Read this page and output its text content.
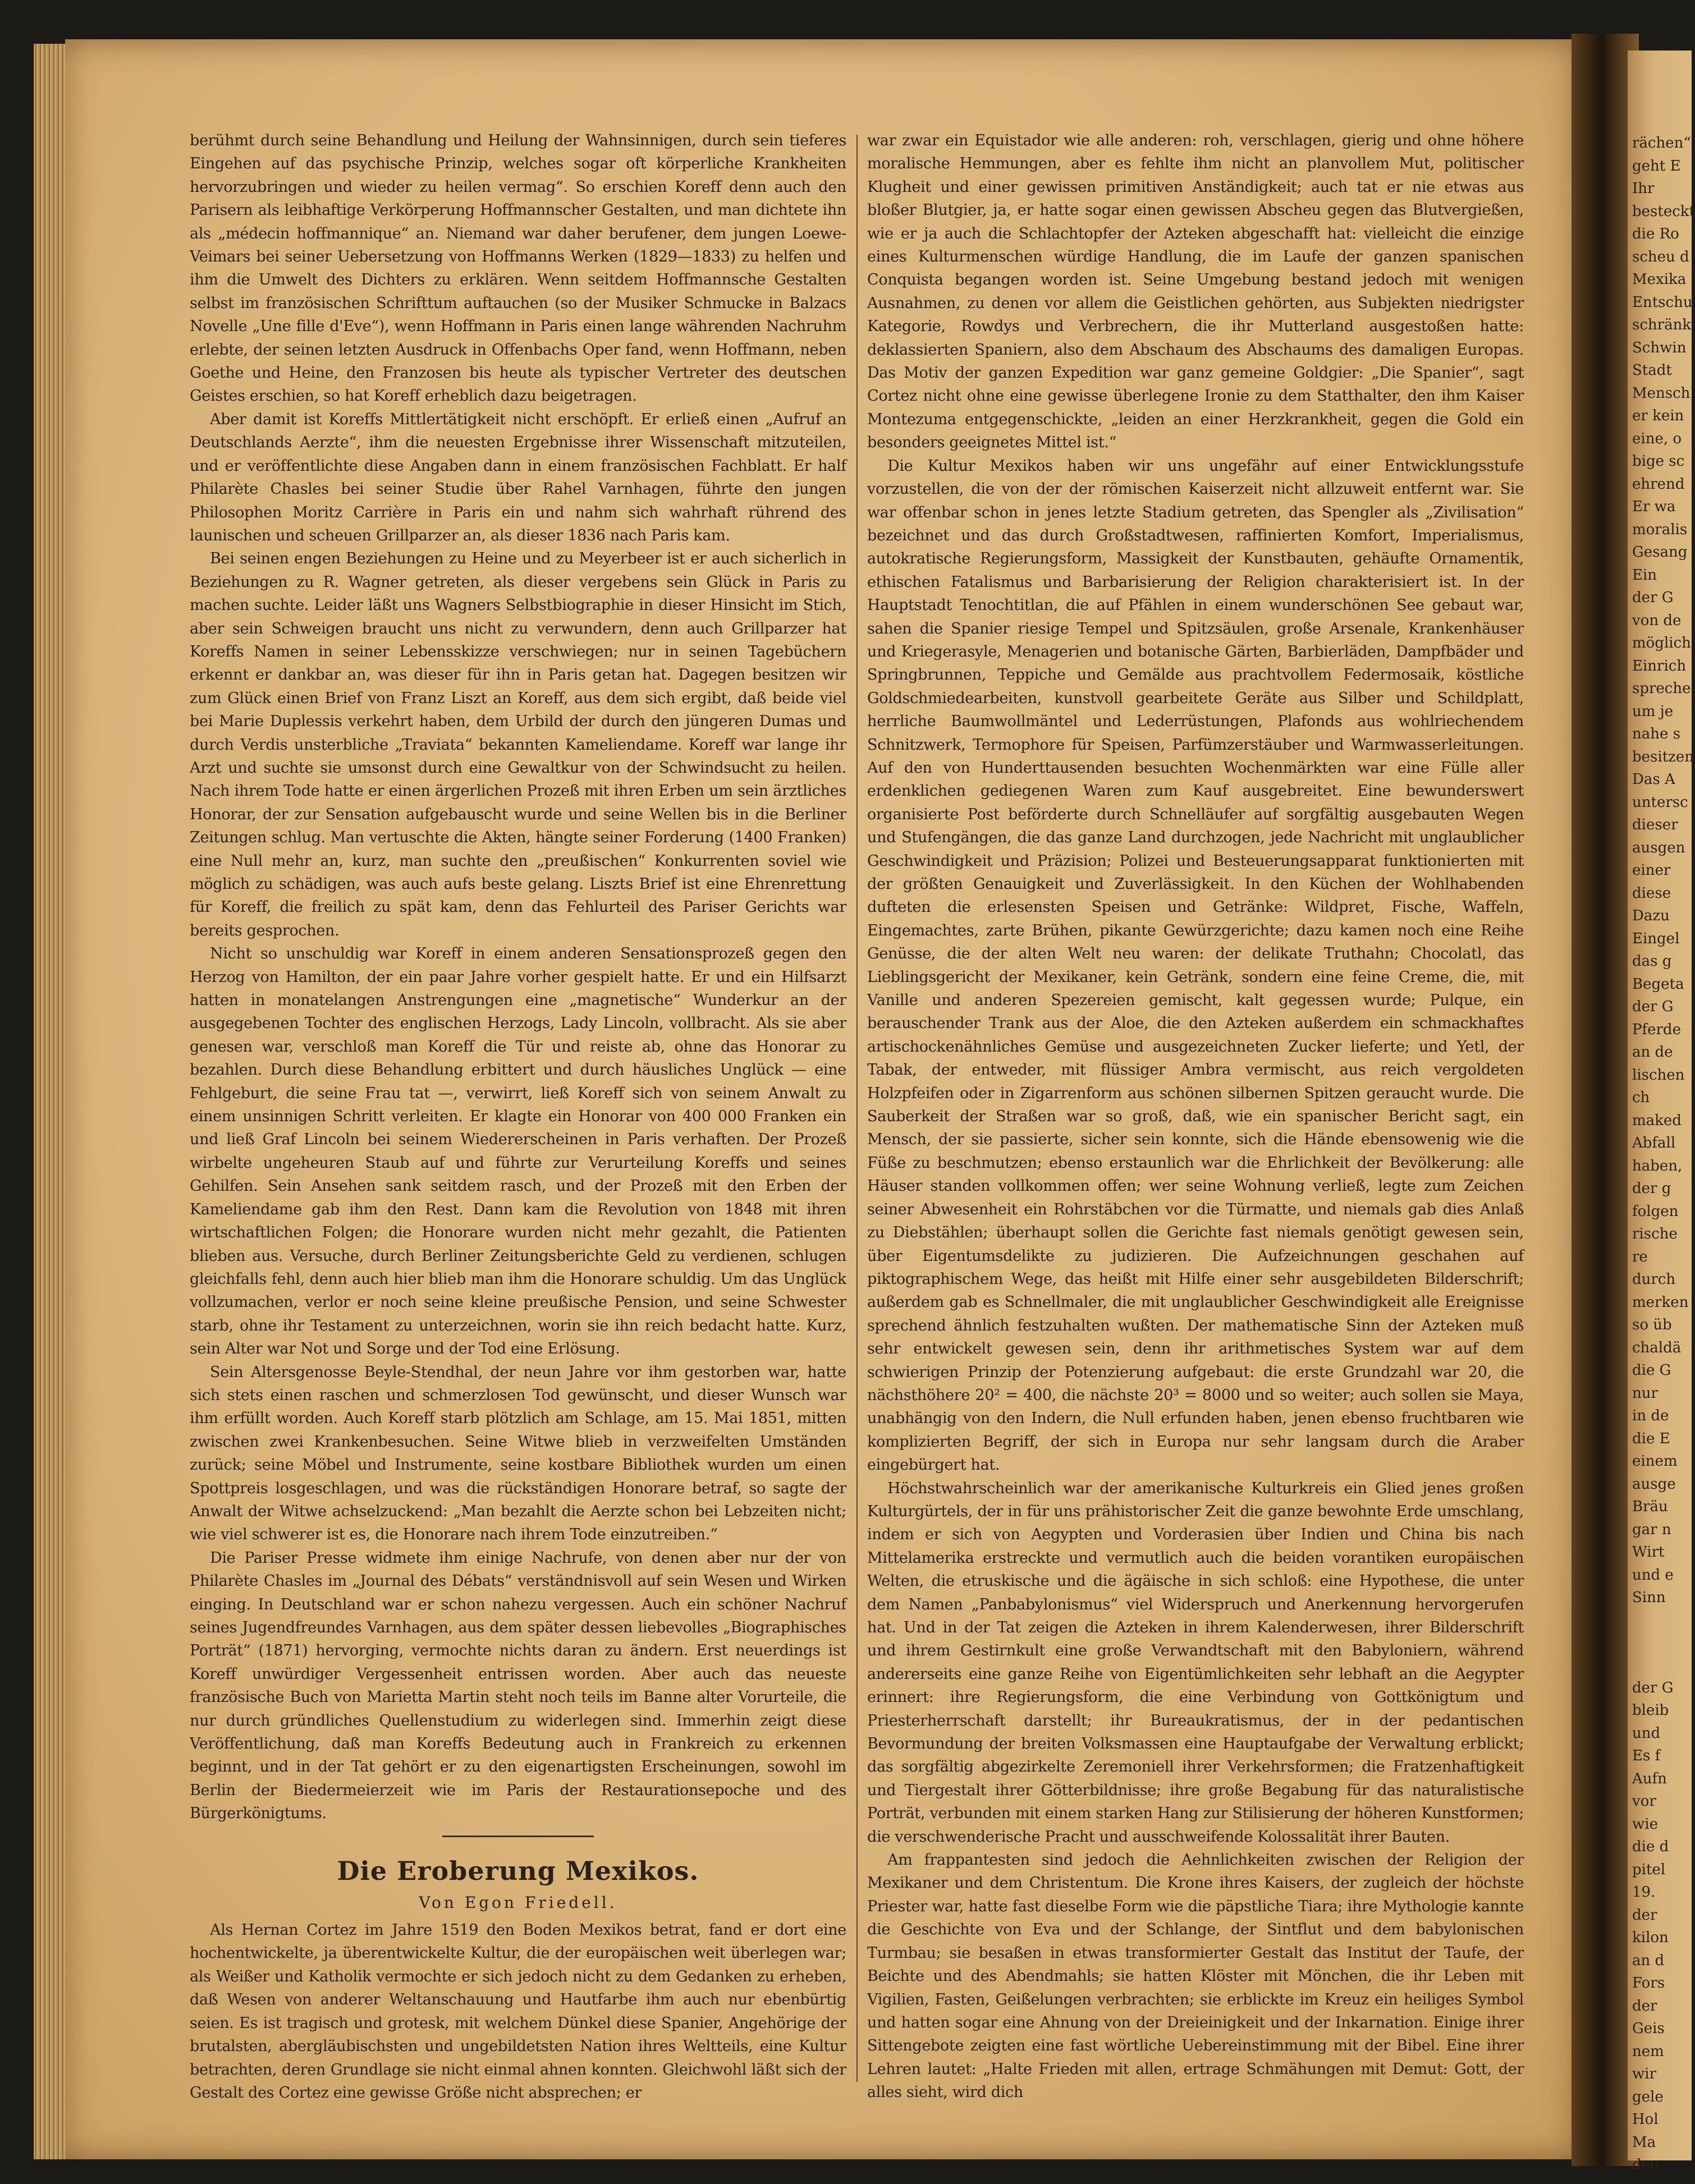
berühmt durch seine Behandlung und Heilung der Wahnsinnigen, durch sein tieferes Eingehen auf das psychische Prinzip, welches sogar oft körperliche Krankheiten hervorzubringen und wieder zu heilen vermag“. So erschien Koreff denn auch den Parisern als leibhaftige Verkörperung Hoffmannscher Gestalten, und man dichtete ihn als „médecin hoffmannique“ an. Niemand war daher berufener, dem jungen Loewe-Veimars bei seiner Uebersetzung von Hoffmanns Werken (1829—1833) zu helfen und ihm die Umwelt des Dichters zu erklären. Wenn seitdem Hoffmannsche Gestalten selbst im französischen Schrifttum auftauchen (so der Musiker Schmucke in Balzacs Novelle „Une fille d'Eve“), wenn Hoffmann in Paris einen lange währenden Nachruhm erlebte, der seinen letzten Ausdruck in Offenbachs Oper fand, wenn Hoffmann, neben Goethe und Heine, den Franzosen bis heute als typischer Vertreter des deutschen Geistes erschien, so hat Koreff erheblich dazu beigetragen.

Aber damit ist Koreffs Mittlertätigkeit nicht erschöpft. Er erließ einen „Aufruf an Deutschlands Aerzte“, ihm die neuesten Ergebnisse ihrer Wissenschaft mitzuteilen, und er veröffentlichte diese Angaben dann in einem französischen Fachblatt. Er half Philarète Chasles bei seiner Studie über Rahel Varnhagen, führte den jungen Philosophen Moritz Carrière in Paris ein und nahm sich wahrhaft rührend des launischen und scheuen Grillparzer an, als dieser 1836 nach Paris kam.

Bei seinen engen Beziehungen zu Heine und zu Meyerbeer ist er auch sicherlich in Beziehungen zu R. Wagner getreten, als dieser vergebens sein Glück in Paris zu machen suchte. Leider läßt uns Wagners Selbstbiographie in dieser Hinsicht im Stich, aber sein Schweigen braucht uns nicht zu verwundern, denn auch Grillparzer hat Koreffs Namen in seiner Lebensskizze verschwiegen; nur in seinen Tagebüchern erkennt er dankbar an, was dieser für ihn in Paris getan hat. Dagegen besitzen wir zum Glück einen Brief von Franz Liszt an Koreff, aus dem sich ergibt, daß beide viel bei Marie Duplessis verkehrt haben, dem Urbild der durch den jüngeren Dumas und durch Verdis unsterbliche „Traviata“ bekannten Kameliendame. Koreff war lange ihr Arzt und suchte sie umsonst durch eine Gewaltkur von der Schwindsucht zu heilen. Nach ihrem Tode hatte er einen ärgerlichen Prozeß mit ihren Erben um sein ärztliches Honorar, der zur Sensation aufgebauscht wurde und seine Wellen bis in die Berliner Zeitungen schlug. Man vertuschte die Akten, hängte seiner Forderung (1400 Franken) eine Null mehr an, kurz, man suchte den „preußischen“ Konkurrenten soviel wie möglich zu schädigen, was auch aufs beste gelang. Liszts Brief ist eine Ehrenrettung für Koreff, die freilich zu spät kam, denn das Fehlurteil des Pariser Gerichts war bereits gesprochen.

Nicht so unschuldig war Koreff in einem anderen Sensationsprozeß gegen den Herzog von Hamilton, der ein paar Jahre vorher gespielt hatte. Er und ein Hilfsarzt hatten in monatelangen Anstrengungen eine „magnetische“ Wunderkur an der ausgegebenen Tochter des englischen Herzogs, Lady Lincoln, vollbracht. Als sie aber genesen war, verschloß man Koreff die Tür und reiste ab, ohne das Honorar zu bezahlen. Durch diese Behandlung erbittert und durch häusliches Unglück — eine Fehlgeburt, die seine Frau tat —, verwirrt, ließ Koreff sich von seinem Anwalt zu einem unsinnigen Schritt verleiten. Er klagte ein Honorar von 400 000 Franken ein und ließ Graf Lincoln bei seinem Wiedererscheinen in Paris verhaften. Der Prozeß wirbelte ungeheuren Staub auf und führte zur Verurteilung Koreffs und seines Gehilfen. Sein Ansehen sank seitdem rasch, und der Prozeß mit den Erben der Kameliendame gab ihm den Rest. Dann kam die Revolution von 1848 mit ihren wirtschaftlichen Folgen; die Honorare wurden nicht mehr gezahlt, die Patienten blieben aus. Versuche, durch Berliner Zeitungsberichte Geld zu verdienen, schlugen gleichfalls fehl, denn auch hier blieb man ihm die Honorare schuldig. Um das Unglück vollzumachen, verlor er noch seine kleine preußische Pension, und seine Schwester starb, ohne ihr Testament zu unterzeichnen, worin sie ihn reich bedacht hatte. Kurz, sein Alter war Not und Sorge und der Tod eine Erlösung.

Sein Altersgenosse Beyle-Stendhal, der neun Jahre vor ihm gestorben war, hatte sich stets einen raschen und schmerzlosen Tod gewünscht, und dieser Wunsch war ihm erfüllt worden. Auch Koreff starb plötzlich am Schlage, am 15. Mai 1851, mitten zwischen zwei Krankenbesuchen. Seine Witwe blieb in verzweifelten Umständen zurück; seine Möbel und Instrumente, seine kostbare Bibliothek wurden um einen Spottpreis losgeschlagen, und was die rückständigen Honorare betraf, so sagte der Anwalt der Witwe achselzuckend: „Man bezahlt die Aerzte schon bei Lebzeiten nicht; wie viel schwerer ist es, die Honorare nach ihrem Tode einzutreiben.“

Die Pariser Presse widmete ihm einige Nachrufe, von denen aber nur der von Philarète Chasles im „Journal des Débats“ verständnisvoll auf sein Wesen und Wirken einging. In Deutschland war er schon nahezu vergessen. Auch ein schöner Nachruf seines Jugendfreundes Varnhagen, aus dem später dessen liebevolles „Biographisches Porträt“ (1871) hervorging, vermochte nichts daran zu ändern. Erst neuerdings ist Koreff unwürdiger Vergessenheit entrissen worden. Aber auch das neueste französische Buch von Marietta Martin steht noch teils im Banne alter Vorurteile, die nur durch gründliches Quellenstudium zu widerlegen sind. Immerhin zeigt diese Veröffentlichung, daß man Koreffs Bedeutung auch in Frankreich zu erkennen beginnt, und in der Tat gehört er zu den eigenartigsten Erscheinungen, sowohl im Berlin der Biedermeierzeit wie im Paris der Restaurationsepoche und des Bürgerkönigtums.

Die Eroberung Mexikos.
Von Egon Friedell.

Als Hernan Cortez im Jahre 1519 den Boden Mexikos betrat, fand er dort eine hochentwickelte, ja überentwickelte Kultur, die der europäischen weit überlegen war; als Weißer und Katholik vermochte er sich jedoch nicht zu dem Gedanken zu erheben, daß Wesen von anderer Weltanschauung und Hautfarbe ihm auch nur ebenbürtig seien. Es ist tragisch und grotesk, mit welchem Dünkel diese Spanier, Angehörige der brutalsten, abergläubischsten und ungebildetsten Nation ihres Weltteils, eine Kultur betrachten, deren Grundlage sie nicht einmal ahnen konnten. Gleichwohl läßt sich der Gestalt des Cortez eine gewisse Größe nicht absprechen; er

war zwar ein Equistador wie alle anderen: roh, verschlagen, gierig und ohne höhere moralische Hemmungen, aber es fehlte ihm nicht an planvollem Mut, politischer Klugheit und einer gewissen primitiven Anständigkeit; auch tat er nie etwas aus bloßer Blutgier, ja, er hatte sogar einen gewissen Abscheu gegen das Blutvergießen, wie er ja auch die Schlachtopfer der Azteken abgeschafft hat: vielleicht die einzige eines Kulturmenschen würdige Handlung, die im Laufe der ganzen spanischen Conquista begangen worden ist. Seine Umgebung bestand jedoch mit wenigen Ausnahmen, zu denen vor allem die Geistlichen gehörten, aus Subjekten niedrigster Kategorie, Rowdys und Verbrechern, die ihr Mutterland ausgestoßen hatte: deklassierten Spaniern, also dem Abschaum des Abschaums des damaligen Europas. Das Motiv der ganzen Expedition war ganz gemeine Goldgier: „Die Spanier“, sagt Cortez nicht ohne eine gewisse überlegene Ironie zu dem Statthalter, den ihm Kaiser Montezuma entgegenschickte, „leiden an einer Herzkrankheit, gegen die Gold ein besonders geeignetes Mittel ist.“

Die Kultur Mexikos haben wir uns ungefähr auf einer Entwicklungsstufe vorzustellen, die von der der römischen Kaiserzeit nicht allzuweit entfernt war. Sie war offenbar schon in jenes letzte Stadium getreten, das Spengler als „Zivilisation“ bezeichnet und das durch Großstadtwesen, raffinierten Komfort, Imperialismus, autokratische Regierungsform, Massigkeit der Kunstbauten, gehäufte Ornamentik, ethischen Fatalismus und Barbarisierung der Religion charakterisiert ist. In der Hauptstadt Tenochtitlan, die auf Pfählen in einem wunderschönen See gebaut war, sahen die Spanier riesige Tempel und Spitzsäulen, große Arsenale, Krankenhäuser und Kriegerasyle, Menagerien und botanische Gärten, Barbierläden, Dampfbäder und Springbrunnen, Teppiche und Gemälde aus prachtvollem Federmosaik, köstliche Goldschmiedearbeiten, kunstvoll gearbeitete Geräte aus Silber und Schildplatt, herrliche Baumwollmäntel und Lederrüstungen, Plafonds aus wohlriechendem Schnitzwerk, Termophore für Speisen, Parfümzerstäuber und Warmwasserleitungen. Auf den von Hunderttausenden besuchten Wochenmärkten war eine Fülle aller erdenklichen gediegenen Waren zum Kauf ausgebreitet. Eine bewunderswert organisierte Post beförderte durch Schnelläufer auf sorgfältig ausgebauten Wegen und Stufengängen, die das ganze Land durchzogen, jede Nachricht mit unglaublicher Geschwindigkeit und Präzision; Polizei und Besteuerungsapparat funktionierten mit der größten Genauigkeit und Zuverlässigkeit. In den Küchen der Wohlhabenden dufteten die erlesensten Speisen und Getränke: Wildpret, Fische, Waffeln, Eingemachtes, zarte Brühen, pikante Gewürzgerichte; dazu kamen noch eine Reihe Genüsse, die der alten Welt neu waren: der delikate Truthahn; Chocolatl, das Lieblingsgericht der Mexikaner, kein Getränk, sondern eine feine Creme, die, mit Vanille und anderen Spezereien gemischt, kalt gegessen wurde; Pulque, ein berauschender Trank aus der Aloe, die den Azteken außerdem ein schmackhaftes artischockenähnliches Gemüse und ausgezeichneten Zucker lieferte; und Yetl, der Tabak, der entweder, mit flüssiger Ambra vermischt, aus reich vergoldeten Holzpfeifen oder in Zigarrenform aus schönen silbernen Spitzen geraucht wurde. Die Sauberkeit der Straßen war so groß, daß, wie ein spanischer Bericht sagt, ein Mensch, der sie passierte, sicher sein konnte, sich die Hände ebensowenig wie die Füße zu beschmutzen; ebenso erstaunlich war die Ehrlichkeit der Bevölkerung: alle Häuser standen vollkommen offen; wer seine Wohnung verließ, legte zum Zeichen seiner Abwesenheit ein Rohrstäbchen vor die Türmatte, und niemals gab dies Anlaß zu Diebstählen; überhaupt sollen die Gerichte fast niemals genötigt gewesen sein, über Eigentumsdelikte zu judizieren. Die Aufzeichnungen geschahen auf piktographischem Wege, das heißt mit Hilfe einer sehr ausgebildeten Bilderschrift; außerdem gab es Schnellmaler, die mit unglaublicher Geschwindigkeit alle Ereignisse sprechend ähnlich festzuhalten wußten. Der mathematische Sinn der Azteken muß sehr entwickelt gewesen sein, denn ihr arithmetisches System war auf dem schwierigen Prinzip der Potenzierung aufgebaut: die erste Grundzahl war 20, die nächsthöhere 20² = 400, die nächste 20³ = 8000 und so weiter; auch sollen sie Maya, unabhängig von den Indern, die Null erfunden haben, jenen ebenso fruchtbaren wie komplizierten Begriff, der sich in Europa nur sehr langsam durch die Araber eingebürgert hat.

Höchstwahrscheinlich war der amerikanische Kulturkreis ein Glied jenes großen Kulturgürtels, der in für uns prähistorischer Zeit die ganze bewohnte Erde umschlang, indem er sich von Aegypten und Vorderasien über Indien und China bis nach Mittelamerika erstreckte und vermutlich auch die beiden vorantiken europäischen Welten, die etruskische und die ägäische in sich schloß: eine Hypothese, die unter dem Namen „Panbabylonismus“ viel Widerspruch und Anerkennung hervorgerufen hat. Und in der Tat zeigen die Azteken in ihrem Kalenderwesen, ihrer Bilderschrift und ihrem Gestirnkult eine große Verwandtschaft mit den Babyloniern, während andererseits eine ganze Reihe von Eigentümlichkeiten sehr lebhaft an die Aegypter erinnert: ihre Regierungsform, die eine Verbindung von Gottkönigtum und Priesterherrschaft darstellt; ihr Bureaukratismus, der in der pedantischen Bevormundung der breiten Volksmassen eine Hauptaufgabe der Verwaltung erblickt; das sorgfältig abgezirkelte Zeremoniell ihrer Verkehrsformen; die Fratzenhaftigkeit und Tiergestalt ihrer Götterbildnisse; ihre große Begabung für das naturalistische Porträt, verbunden mit einem starken Hang zur Stilisierung der höheren Kunstformen; die verschwenderische Pracht und ausschweifende Kolossalität ihrer Bauten.

Am frappantesten sind jedoch die Aehnlichkeiten zwischen der Religion der Mexikaner und dem Christentum. Die Krone ihres Kaisers, der zugleich der höchste Priester war, hatte fast dieselbe Form wie die päpstliche Tiara; ihre Mythologie kannte die Geschichte von Eva und der Schlange, der Sintflut und dem babylonischen Turmbau; sie besaßen in etwas transformierter Gestalt das Institut der Taufe, der Beichte und des Abendmahls; sie hatten Klöster mit Mönchen, die ihr Leben mit Vigilien, Fasten, Geißelungen verbrachten; sie erblickte im Kreuz ein heiliges Symbol und hatten sogar eine Ahnung von der Dreieinigkeit und der Inkarnation. Einige ihrer Sittengebote zeigten eine fast wörtliche Uebereinstimmung mit der Bibel. Eine ihrer Lehren lautet: „Halte Frieden mit allen, ertrage Schmähungen mit Demut: Gott, der alles sieht, wird dich

rächen“
geht E
Ihr
besteckt
die Ro
scheu d
Mexika
Entschu
schränk
Schwin
Stadt
Mensch
er kein
eine, o
bige sc
ehrend
Er wa
moralis
Gesang
Ein
der G
von de
möglich
Einrich
spreche
um je
nahe s
besitzen
Das A
untersc
dieser
ausgen
einer
diese
Dazu
Eingel
das g
Begeta
der G
Pferde
an de
lischen
ch
maked
Abfall
haben,
der g
folgen
rische
re
durch
merken
so üb
chaldä
die G
nur
in de
die E
einem
ausge
Bräu
gar n
Wirt
und e
Sinn
der G
bleib
und
Es f
Aufn
vor
wie
die d
pitel
19.
der
kilon
an d
Fors
der
Geis
nem
wir
gele
Hol
Ma
deu
